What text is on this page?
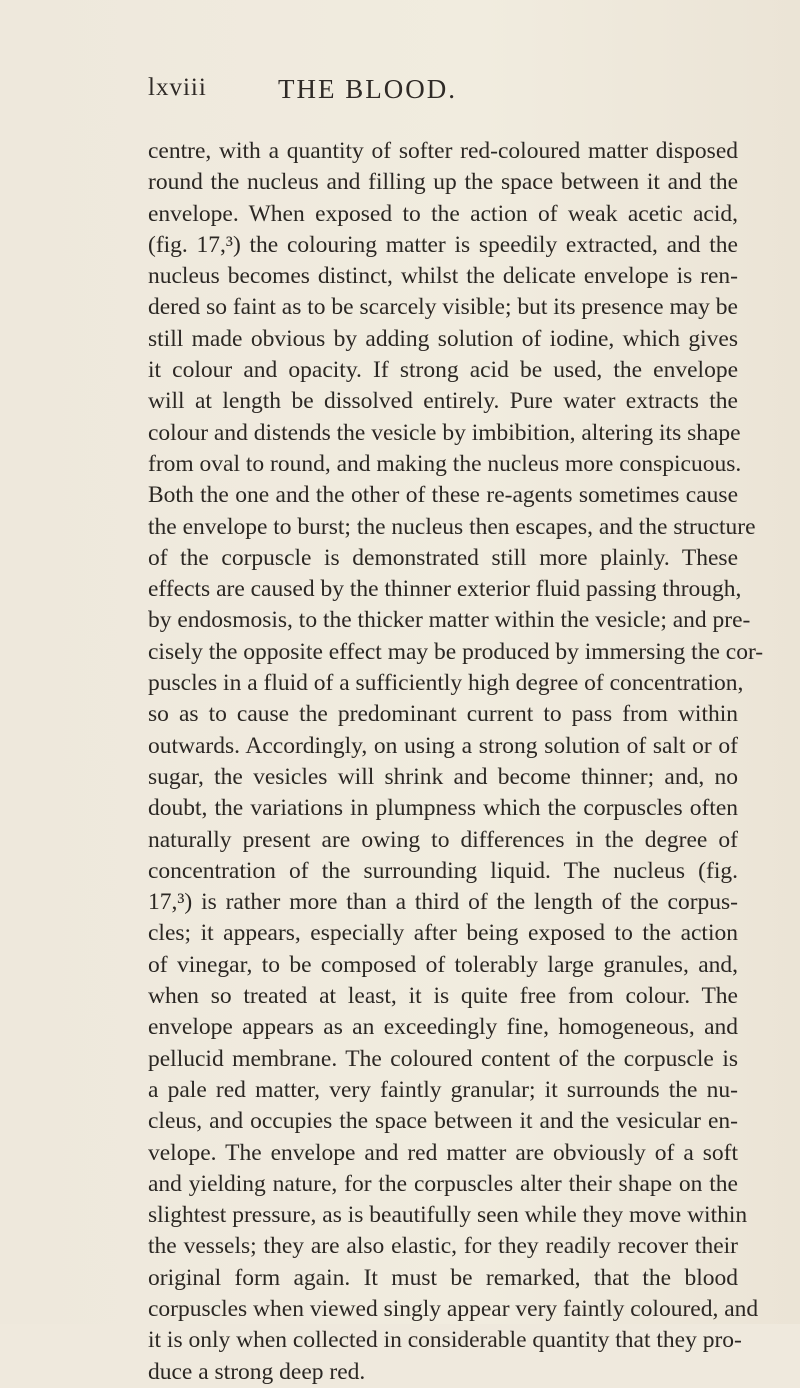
lxviii	THE BLOOD.
centre, with a quantity of softer red-coloured matter disposed
round the nucleus and filling up the space between it and the
envelope. When exposed to the action of weak acetic acid,
(fig. 17,³) the colouring matter is speedily extracted, and the
nucleus becomes distinct, whilst the delicate envelope is ren-
dered so faint as to be scarcely visible; but its presence may be
still made obvious by adding solution of iodine, which gives
it colour and opacity. If strong acid be used, the envelope
will at length be dissolved entirely. Pure water extracts the
colour and distends the vesicle by imbibition, altering its shape
from oval to round, and making the nucleus more conspicuous.
Both the one and the other of these re-agents sometimes cause
the envelope to burst; the nucleus then escapes, and the structure
of the corpuscle is demonstrated still more plainly. These
effects are caused by the thinner exterior fluid passing through,
by endosmosis, to the thicker matter within the vesicle; and pre-
cisely the opposite effect may be produced by immersing the cor-
puscles in a fluid of a sufficiently high degree of concentration,
so as to cause the predominant current to pass from within
outwards. Accordingly, on using a strong solution of salt or of
sugar, the vesicles will shrink and become thinner; and, no
doubt, the variations in plumpness which the corpuscles often
naturally present are owing to differences in the degree of
concentration of the surrounding liquid. The nucleus (fig.
17,³) is rather more than a third of the length of the corpus-
cles; it appears, especially after being exposed to the action
of vinegar, to be composed of tolerably large granules, and,
when so treated at least, it is quite free from colour. The
envelope appears as an exceedingly fine, homogeneous, and
pellucid membrane. The coloured content of the corpuscle is
a pale red matter, very faintly granular; it surrounds the nu-
cleus, and occupies the space between it and the vesicular en-
velope. The envelope and red matter are obviously of a soft
and yielding nature, for the corpuscles alter their shape on the
slightest pressure, as is beautifully seen while they move within
the vessels; they are also elastic, for they readily recover their
original form again. It must be remarked, that the blood
corpuscles when viewed singly appear very faintly coloured, and
it is only when collected in considerable quantity that they pro-
duce a strong deep red.
